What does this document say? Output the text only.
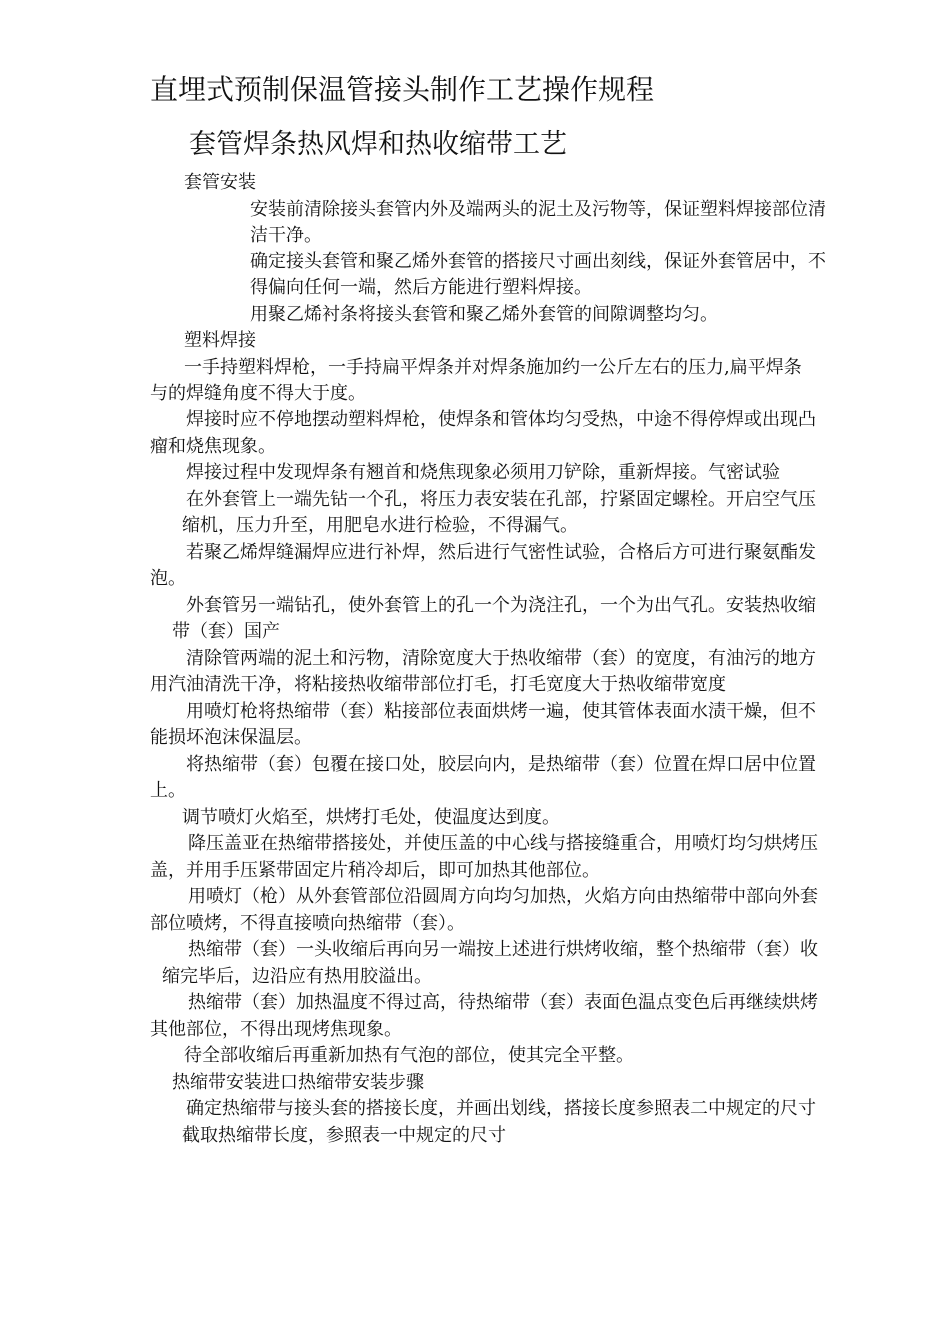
直埋式预制保温管接头制作工艺操作规程
套管焊条热风焊和热收缩带工艺
套管安装
安装前清除接头套管内外及端两头的泥土及污物等，保证塑料焊接部位清
洁干净。
确定接头套管和聚乙烯外套管的搭接尺寸画出刻线，保证外套管居中，不
得偏向任何一端，然后方能进行塑料焊接。
用聚乙烯衬条将接头套管和聚乙烯外套管的间隙调整均匀。
塑料焊接
一手持塑料焊枪，一手持扁平焊条并对焊条施加约一公斤左右的压力,扁平焊条
与的焊缝角度不得大于度。
焊接时应不停地摆动塑料焊枪，使焊条和管体均匀受热，中途不得停焊或出现凸
瘤和烧焦现象。
焊接过程中发现焊条有翘首和烧焦现象必须用刀铲除，重新焊接。气密试验
在外套管上一端先钻一个孔，将压力表安装在孔部，拧紧固定螺栓。开启空气压
缩机，压力升至，用肥皂水进行检验，不得漏气。
若聚乙烯焊缝漏焊应进行补焊，然后进行气密性试验，合格后方可进行聚氨酯发
泡。
外套管另一端钻孔，使外套管上的孔一个为浇注孔，一个为出气孔。安装热收缩
带（套）国产
清除管两端的泥土和污物，清除宽度大于热收缩带（套）的宽度，有油污的地方
用汽油清洗干净，将粘接热收缩带部位打毛，打毛宽度大于热收缩带宽度
用喷灯枪将热缩带（套）粘接部位表面烘烤一遍，使其管体表面水渍干燥，但不
能损坏泡沫保温层。
将热缩带（套）包覆在接口处，胶层向内，是热缩带（套）位置在焊口居中位置
上。
调节喷灯火焰至，烘烤打毛处，使温度达到度。
降压盖亚在热缩带搭接处，并使压盖的中心线与搭接缝重合，用喷灯均匀烘烤压
盖，并用手压紧带固定片稍冷却后，即可加热其他部位。
用喷灯（枪）从外套管部位沿圆周方向均匀加热，火焰方向由热缩带中部向外套
部位喷烤，不得直接喷向热缩带（套）。
热缩带（套）一头收缩后再向另一端按上述进行烘烤收缩，整个热缩带（套）收
缩完毕后，边沿应有热用胶溢出。
热缩带（套）加热温度不得过高，待热缩带（套）表面色温点变色后再继续烘烤
其他部位，不得出现烤焦现象。
待全部收缩后再重新加热有气泡的部位，使其完全平整。
热缩带安装进口热缩带安装步骤
确定热缩带与接头套的搭接长度，并画出划线，搭接长度参照表二中规定的尺寸
截取热缩带长度，参照表一中规定的尺寸
